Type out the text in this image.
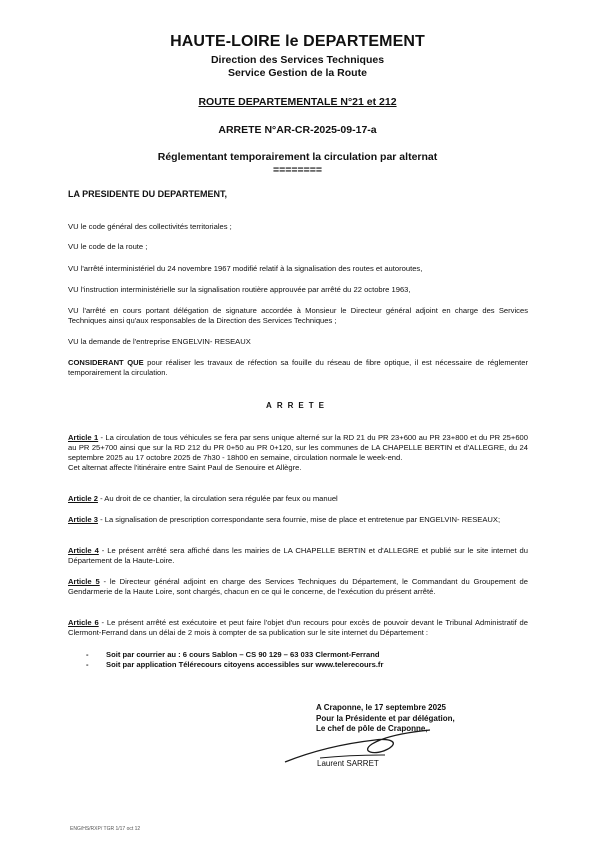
HAUTE-LOIRE le DEPARTEMENT
Direction des Services Techniques
Service Gestion de la Route
ROUTE DEPARTEMENTALE N°21 et 212
ARRETE N°AR-CR-2025-09-17-a
Réglementant temporairement la circulation par alternat
========
LA PRESIDENTE DU DEPARTEMENT,
VU le code général des collectivités territoriales ;
VU le code de la route ;
VU l'arrêté interministériel du 24 novembre 1967 modifié relatif à la signalisation des routes et autoroutes,
VU l'instruction interministérielle sur la signalisation routière approuvée par arrêté du 22 octobre 1963,
VU l'arrêté en cours portant délégation de signature accordée à Monsieur le Directeur général adjoint en charge des Services Techniques ainsi qu'aux responsables de la Direction des Services Techniques ;
VU la demande de l'entreprise ENGELVIN- RESEAUX
CONSIDERANT QUE pour réaliser les travaux de réfection sa fouille du réseau de fibre optique, il est nécessaire de réglementer temporairement la circulation.
ARRETE
Article 1 - La circulation de tous véhicules se fera par sens unique alterné sur la RD 21 du PR 23+600 au PR 23+800 et du PR 25+600 au PR 25+700 ainsi que sur la RD 212 du PR 0+50 au PR 0+120, sur les communes de LA CHAPELLE BERTIN et d'ALLEGRE, du 24 septembre 2025 au 17 octobre 2025 de 7h30 - 18h00 en semaine, circulation normale le week-end.
Cet alternat affecte l'itinéraire entre Saint Paul de Senouire et Allègre.
Article 2 - Au droit de ce chantier, la circulation sera régulée par feux ou manuel
Article 3 - La signalisation de prescription correspondante sera fournie, mise de place et entretenue par ENGELVIN- RESEAUX;
Article 4 - Le présent arrêté sera affiché dans les mairies de LA CHAPELLE BERTIN et d'ALLEGRE et publié sur le site internet du Département de la Haute-Loire.
Article 5 - le Directeur général adjoint en charge des Services Techniques du Département, le Commandant du Groupement de Gendarmerie de la Haute Loire, sont chargés, chacun en ce qui le concerne, de l'exécution du présent arrêté.
Article 6 - Le présent arrêté est exécutoire et peut faire l'objet d'un recours pour excès de pouvoir devant le Tribunal Administratif de Clermont-Ferrand dans un délai de 2 mois à compter de sa publication sur le site internet du Département :
- Soit par courrier au : 6 cours Sablon – CS 90 129 – 63 033 Clermont-Ferrand
- Soit par application Télérecours citoyens accessibles sur www.telerecours.fr
A Craponne, le 17 septembre 2025
Pour la Présidente et par délégation,
Le chef de pôle de Craponne,
Laurent SARRET
ENG/HS/RXP/ TGR 1/17 oct 12
